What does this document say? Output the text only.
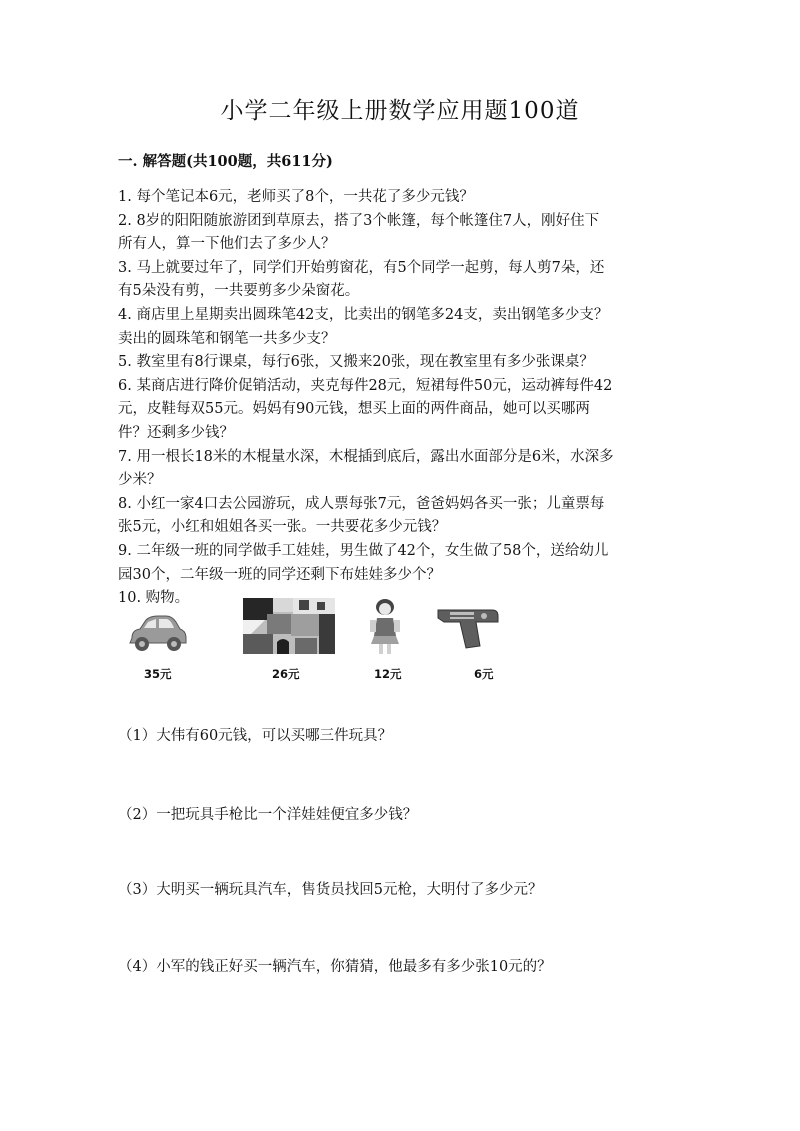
小学二年级上册数学应用题100道
一. 解答题(共100题，共611分)

1. 每个笔记本6元，老师买了8个，一共花了多少元钱？

2. 8岁的阳阳随旅游团到草原去，搭了3个帐篷，每个帐篷住7人，刚好住下
所有人，算一下他们去了多少人？

3. 马上就要过年了，同学们开始剪窗花，有5个同学一起剪，每人剪7朵，还
有5朵没有剪，一共要剪多少朵窗花。

4. 商店里上星期卖出圆珠笔42支，比卖出的钢笔多24支，卖出钢笔多少支？
卖出的圆珠笔和钢笔一共多少支？

5. 教室里有8行课桌，每行6张，又搬来20张，现在教室里有多少张课桌？

6. 某商店进行降价促销活动，夹克每件28元，短裙每件50元，运动裤每件42
元，皮鞋每双55元。妈妈有90元钱，想买上面的两件商品，她可以买哪两
件？还剩多少钱？

7. 用一根长18米的木棍量水深，木棍插到底后，露出水面部分是6米，水深多
少米？

8. 小红一家4口去公园游玩，成人票每张7元，爸爸妈妈各买一张；儿童票每
张5元，小红和姐姐各买一张。一共要花多少元钱？

9. 二年级一班的同学做手工娃娃，男生做了42个，女生做了58个，送给幼儿
园30个，二年级一班的同学还剩下布娃娃多少个？

10. 购物。

35元	26元	12元	6元
（1）大伟有60元钱，可以买哪三件玩具？
（2）一把玩具手枪比一个洋娃娃便宜多少钱？
（3）大明买一辆玩具汽车，售货员找回5元枪，大明付了多少元？
（4）小军的钱正好买一辆汽车，你猜猜，他最多有多少张10元的？
